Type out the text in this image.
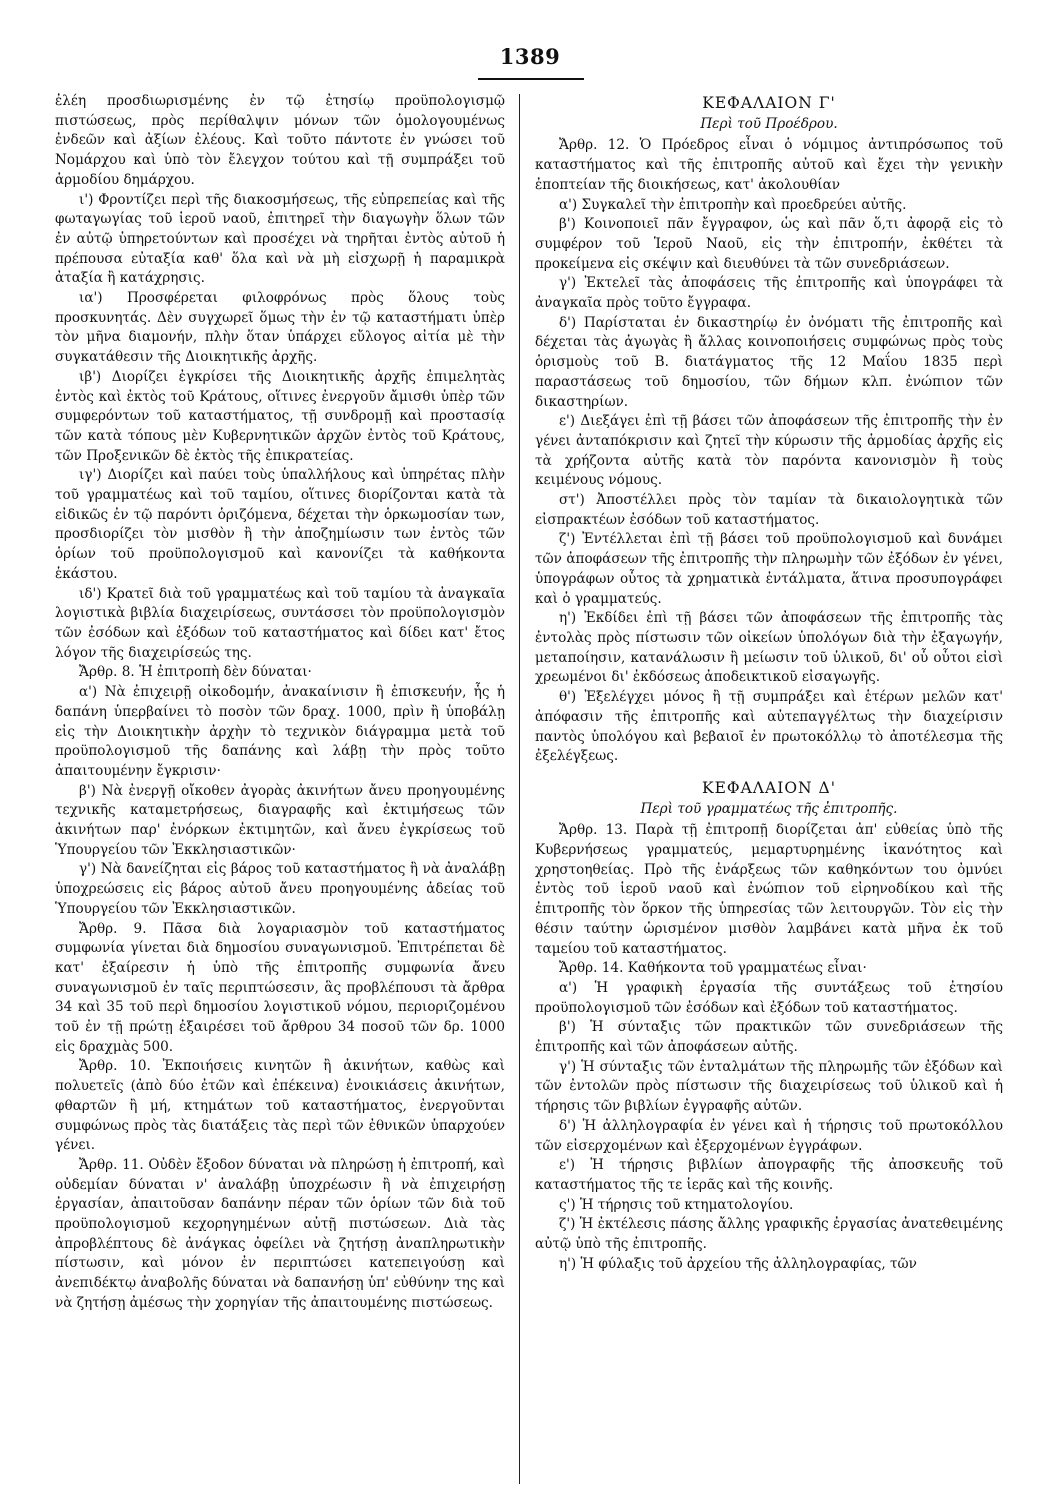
1389

ἐλέη προσδιωρισμένης ἐν τῷ ἐτησίῳ προϋπολογισμῷ πιστώσεως, πρὸς περίθαλψιν μόνων τῶν ὁμολογουμένως ἐνδεῶν καὶ ἀξίων ἐλέους. Καὶ τοῦτο πάντοτε ἐν γνώσει τοῦ Νομάρχου καὶ ὑπὸ τὸν ἔλεγχον τούτου καὶ τῇ συμπράξει τοῦ ἁρμοδίου δημάρχου.

ι') Φροντίζει περὶ τῆς διακοσμήσεως, τῆς εὐπρεπείας καὶ τῆς φωταγωγίας τοῦ ἱεροῦ ναοῦ, ἐπιτηρεῖ τὴν διαγωγὴν ὅλων τῶν ἐν αὐτῷ ὑπηρετούντων καὶ προσέχει νὰ τηρῆται ἐντὸς αὐτοῦ ἡ πρέπουσα εὐταξία καθ' ὅλα καὶ νὰ μὴ εἰσχωρῇ ἡ παραμικρὰ ἀταξία ἢ κατάχρησις.

ια') Προσφέρεται φιλοφρόνως πρὸς ὅλους τοὺς προσκυνητάς. Δὲν συγχωρεῖ ὅμως τὴν ἐν τῷ καταστήματι ὑπὲρ τὸν μῆνα διαμονήν, πλὴν ὅταν ὑπάρχει εὔλογος αἰτία μὲ τὴν συγκατάθεσιν τῆς Διοικητικῆς ἀρχῆς.

ιβ') Διορίζει ἐγκρίσει τῆς Διοικητικῆς ἀρχῆς ἐπιμελητὰς ἐντὸς καὶ ἐκτὸς τοῦ Κράτους, οἵτινες ἐνεργοῦν ἄμισθι ὑπὲρ τῶν συμφερόντων τοῦ καταστήματος, τῇ συνδρομῇ καὶ προστασίᾳ τῶν κατὰ τόπους μὲν Κυβερνητικῶν ἀρχῶν ἐντὸς τοῦ Κράτους, τῶν Προξενικῶν δὲ ἐκτὸς τῆς ἐπικρατείας.

ιγ') Διορίζει καὶ παύει τοὺς ὑπαλλήλους καὶ ὑπηρέτας πλὴν τοῦ γραμματέως καὶ τοῦ ταμίου, οἵτινες διορίζονται κατὰ τὰ εἰδικῶς ἐν τῷ παρόντι ὁριζόμενα, δέχεται τὴν ὁρκωμοσίαν των, προσδιορίζει τὸν μισθὸν ἢ τὴν ἀποζημίωσιν των ἐντὸς τῶν ὁρίων τοῦ προϋπολογισμοῦ καὶ κανονίζει τὰ καθήκοντα ἑκάστου.

ιδ') Κρατεῖ διὰ τοῦ γραμματέως καὶ τοῦ ταμίου τὰ ἀναγκαῖα λογιστικὰ βιβλία διαχειρίσεως, συντάσσει τὸν προϋπολογισμὸν τῶν ἐσόδων καὶ ἐξόδων τοῦ καταστήματος καὶ δίδει κατ' ἔτος λόγον τῆς διαχειρίσεώς της.

Ἄρθρ. 8. Ἡ ἐπιτροπὴ δὲν δύναται·

α') Νὰ ἐπιχειρῇ οἰκοδομήν, ἀνακαίνισιν ἢ ἐπισκευήν, ἧς ἡ δαπάνη ὑπερβαίνει τὸ ποσὸν τῶν δραχ. 1000, πρὶν ἢ ὑποβάλῃ εἰς τὴν Διοικητικὴν ἀρχὴν τὸ τεχνικὸν διάγραμμα μετὰ τοῦ προϋπολογισμοῦ τῆς δαπάνης καὶ λάβῃ τὴν πρὸς τοῦτο ἀπαιτουμένην ἔγκρισιν·

β') Νὰ ἐνεργῇ οἴκοθεν ἀγορὰς ἀκινήτων ἄνευ προηγουμένης τεχνικῆς καταμετρήσεως, διαγραφῆς καὶ ἐκτιμήσεως τῶν ἀκινήτων παρ' ἐνόρκων ἐκτιμητῶν, καὶ ἄνευ ἐγκρίσεως τοῦ Ὑπουργείου τῶν Ἐκκλησιαστικῶν·

γ') Νὰ δανείζηται εἰς βάρος τοῦ καταστήματος ἢ νὰ ἀναλάβῃ ὑποχρεώσεις εἰς βάρος αὐτοῦ ἄνευ προηγουμένης ἀδείας τοῦ Ὑπουργείου τῶν Ἐκκλησιαστικῶν.

Ἄρθρ. 9. Πᾶσα διὰ λογαριασμὸν τοῦ καταστήματος συμφωνία γίνεται διὰ δημοσίου συναγωνισμοῦ. Ἐπιτρέπεται δὲ κατ' ἐξαίρεσιν ἡ ὑπὸ τῆς ἐπιτροπῆς συμφωνία ἄνευ συναγωνισμοῦ ἐν ταῖς περιπτώσεσιν, ἃς προβλέπουσι τὰ ἄρθρα 34 καὶ 35 τοῦ περὶ δημοσίου λογιστικοῦ νόμου, περιοριζομένου τοῦ ἐν τῇ πρώτῃ ἐξαιρέσει τοῦ ἄρθρου 34 ποσοῦ τῶν δρ. 1000 εἰς δραχμὰς 500.

Ἄρθρ. 10. Ἐκποιήσεις κινητῶν ἢ ἀκινήτων, καθὼς καὶ πολυετεῖς (ἀπὸ δύο ἐτῶν καὶ ἐπέκεινα) ἐνοικιάσεις ἀκινήτων, φθαρτῶν ἢ μή, κτημάτων τοῦ καταστήματος, ἐνεργοῦνται συμφώνως πρὸς τὰς διατάξεις τὰς περὶ τῶν ἐθνικῶν ὑπαρχούεν γένει.

Ἄρθρ. 11. Οὐδὲν ἔξοδον δύναται νὰ πληρώσῃ ἡ ἐπιτροπή, καὶ οὐδεμίαν δύναται ν' ἀναλάβῃ ὑποχρέωσιν ἢ νὰ ἐπιχειρήσῃ ἐργασίαν, ἀπαιτοῦσαν δαπάνην πέραν τῶν ὁρίων τῶν διὰ τοῦ προϋπολογισμοῦ κεχορηγημένων αὐτῇ πιστώσεων. Διὰ τὰς ἀπροβλέπτους δὲ ἀνάγκας ὀφείλει νὰ ζητήσῃ ἀναπληρωτικὴν πίστωσιν, καὶ μόνον ἐν περιπτώσει κατεπειγούσῃ καὶ ἀνεπιδέκτῳ ἀναβολῆς δύναται νὰ δαπανήσῃ ὑπ' εὐθύνην της καὶ νὰ ζητήσῃ ἀμέσως τὴν χορηγίαν τῆς ἀπαιτουμένης πιστώσεως.

ΚΕΦΑΛΑΙΟΝ Γ'
Περὶ τοῦ Προέδρου.

Ἄρθρ. 12. Ὁ Πρόεδρος εἶναι ὁ νόμιμος ἀντιπρόσωπος τοῦ καταστήματος καὶ τῆς ἐπιτροπῆς αὐτοῦ καὶ ἔχει τὴν γενικὴν ἐποπτείαν τῆς διοικήσεως, κατ' ἀκολουθίαν

α') Συγκαλεῖ τὴν ἐπιτροπὴν καὶ προεδρεύει αὐτῆς.

β') Κοινοποιεῖ πᾶν ἔγγραφον, ὡς καὶ πᾶν ὅ,τι ἀφορᾷ εἰς τὸ συμφέρον τοῦ Ἱεροῦ Ναοῦ, εἰς τὴν ἐπιτροπήν, ἐκθέτει τὰ προκείμενα εἰς σκέψιν καὶ διευθύνει τὰ τῶν συνεδριάσεων.

γ') Ἐκτελεῖ τὰς ἀποφάσεις τῆς ἐπιτροπῆς καὶ ὑπογράφει τὰ ἀναγκαῖα πρὸς τοῦτο ἔγγραφα.

δ') Παρίσταται ἐν δικαστηρίῳ ἐν ὀνόματι τῆς ἐπιτροπῆς καὶ δέχεται τὰς ἀγωγὰς ἢ ἄλλας κοινοποιήσεις συμφώνως πρὸς τοὺς ὁρισμοὺς τοῦ Β. διατάγματος τῆς 12 Μαΐου 1835 περὶ παραστάσεως τοῦ δημοσίου, τῶν δήμων κλπ. ἐνώπιον τῶν δικαστηρίων.

ε') Διεξάγει ἐπὶ τῇ βάσει τῶν ἀποφάσεων τῆς ἐπιτροπῆς τὴν ἐν γένει ἀνταπόκρισιν καὶ ζητεῖ τὴν κύρωσιν τῆς ἁρμοδίας ἀρχῆς εἰς τὰ χρήζοντα αὐτῆς κατὰ τὸν παρόντα κανονισμὸν ἢ τοὺς κειμένους νόμους.

στ') Ἀποστέλλει πρὸς τὸν ταμίαν τὰ δικαιολογητικὰ τῶν εἰσπρακτέων ἐσόδων τοῦ καταστήματος.

ζ') Ἐντέλλεται ἐπὶ τῇ βάσει τοῦ προϋπολογισμοῦ καὶ δυνάμει τῶν ἀποφάσεων τῆς ἐπιτροπῆς τὴν πληρωμὴν τῶν ἐξόδων ἐν γένει, ὑπογράφων οὗτος τὰ χρηματικὰ ἐντάλματα, ἅτινα προσυπογράφει καὶ ὁ γραμματεύς.

η') Ἐκδίδει ἐπὶ τῇ βάσει τῶν ἀποφάσεων τῆς ἐπιτροπῆς τὰς ἐντολὰς πρὸς πίστωσιν τῶν οἰκείων ὑπολόγων διὰ τὴν ἐξαγωγήν, μεταποίησιν, κατανάλωσιν ἢ μείωσιν τοῦ ὑλικοῦ, δι' οὗ οὗτοι εἰσὶ χρεωμένοι δι' ἐκδόσεως ἀποδεικτικοῦ εἰσαγωγῆς.

θ') Ἐξελέγχει μόνος ἢ τῇ συμπράξει καὶ ἑτέρων μελῶν κατ' ἀπόφασιν τῆς ἐπιτροπῆς καὶ αὐτεπαγγέλτως τὴν διαχείρισιν παντὸς ὑπολόγου καὶ βεβαιοῖ ἐν πρωτοκόλλῳ τὸ ἀποτέλεσμα τῆς ἐξελέγξεως.

ΚΕΦΑΛΑΙΟΝ Δ'
Περὶ τοῦ γραμματέως τῆς ἐπιτροπῆς.

Ἄρθρ. 13. Παρὰ τῇ ἐπιτροπῇ διορίζεται ἀπ' εὐθείας ὑπὸ τῆς Κυβερνήσεως γραμματεύς, μεμαρτυρημένης ἱκανότητος καὶ χρηστοηθείας. Πρὸ τῆς ἐνάρξεως τῶν καθηκόντων του ὀμνύει ἐντὸς τοῦ ἱεροῦ ναοῦ καὶ ἐνώπιον τοῦ εἰρηνοδίκου καὶ τῆς ἐπιτροπῆς τὸν ὅρκον τῆς ὑπηρεσίας τῶν λειτουργῶν. Τὸν εἰς τὴν θέσιν ταύτην ὡρισμένον μισθὸν λαμβάνει κατὰ μῆνα ἐκ τοῦ ταμείου τοῦ καταστήματος.

Ἄρθρ. 14. Καθήκοντα τοῦ γραμματέως εἶναι·

α') Ἡ γραφικὴ ἐργασία τῆς συντάξεως τοῦ ἐτησίου προϋπολογισμοῦ τῶν ἐσόδων καὶ ἐξόδων τοῦ καταστήματος.

β') Ἡ σύνταξις τῶν πρακτικῶν τῶν συνεδριάσεων τῆς ἐπιτροπῆς καὶ τῶν ἀποφάσεων αὐτῆς.

γ') Ἡ σύνταξις τῶν ἐνταλμάτων τῆς πληρωμῆς τῶν ἐξόδων καὶ τῶν ἐντολῶν πρὸς πίστωσιν τῆς διαχειρίσεως τοῦ ὑλικοῦ καὶ ἡ τήρησις τῶν βιβλίων ἐγγραφῆς αὐτῶν.

δ') Ἡ ἀλληλογραφία ἐν γένει καὶ ἡ τήρησις τοῦ πρωτοκόλλου τῶν εἰσερχομένων καὶ ἐξερχομένων ἐγγράφων.

ε') Ἡ τήρησις βιβλίων ἀπογραφῆς τῆς ἀποσκευῆς τοῦ καταστήματος τῆς τε ἱερᾶς καὶ τῆς κοινῆς.

ς') Ἡ τήρησις τοῦ κτηματολογίου.

ζ') Ἡ ἐκτέλεσις πάσης ἄλλης γραφικῆς ἐργασίας ἀνατεθειμένης αὐτῷ ὑπὸ τῆς ἐπιτροπῆς.

η') Ἡ φύλαξις τοῦ ἀρχείου τῆς ἀλληλογραφίας, τῶν
